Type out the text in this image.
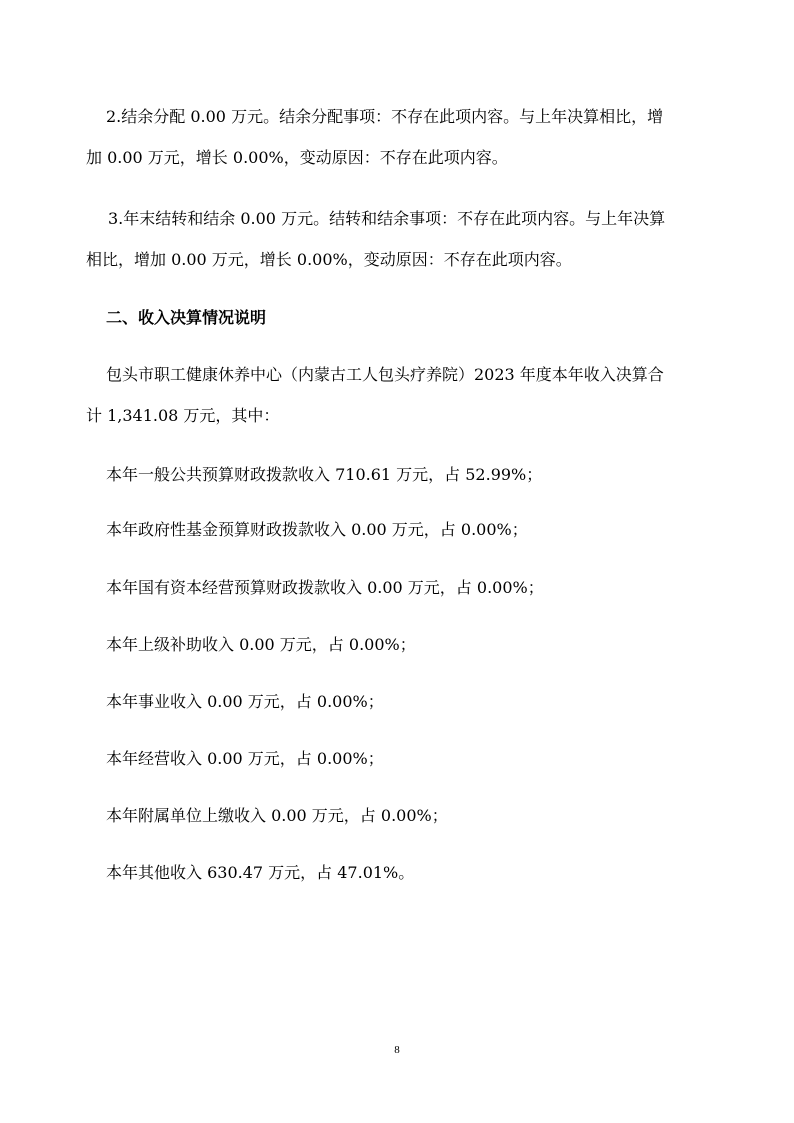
2.结余分配 0.00 万元。结余分配事项：不存在此项内容。与上年决算相比，增
加 0.00 万元，增长 0.00%，变动原因：不存在此项内容。

3.年末结转和结余 0.00 万元。结转和结余事项：不存在此项内容。与上年决算
相比，增加 0.00 万元，增长 0.00%，变动原因：不存在此项内容。

二、收入决算情况说明

包头市职工健康休养中心（内蒙古工人包头疗养院）2023 年度本年收入决算合
计 1,341.08 万元，其中：

本年一般公共预算财政拨款收入 710.61 万元，占 52.99%；

本年政府性基金预算财政拨款收入 0.00 万元，占 0.00%；

本年国有资本经营预算财政拨款收入 0.00 万元，占 0.00%；

本年上级补助收入 0.00 万元，占 0.00%；

本年事业收入 0.00 万元，占 0.00%；

本年经营收入 0.00 万元，占 0.00%；

本年附属单位上缴收入 0.00 万元，占 0.00%；

本年其他收入 630.47 万元，占 47.01%。

8
